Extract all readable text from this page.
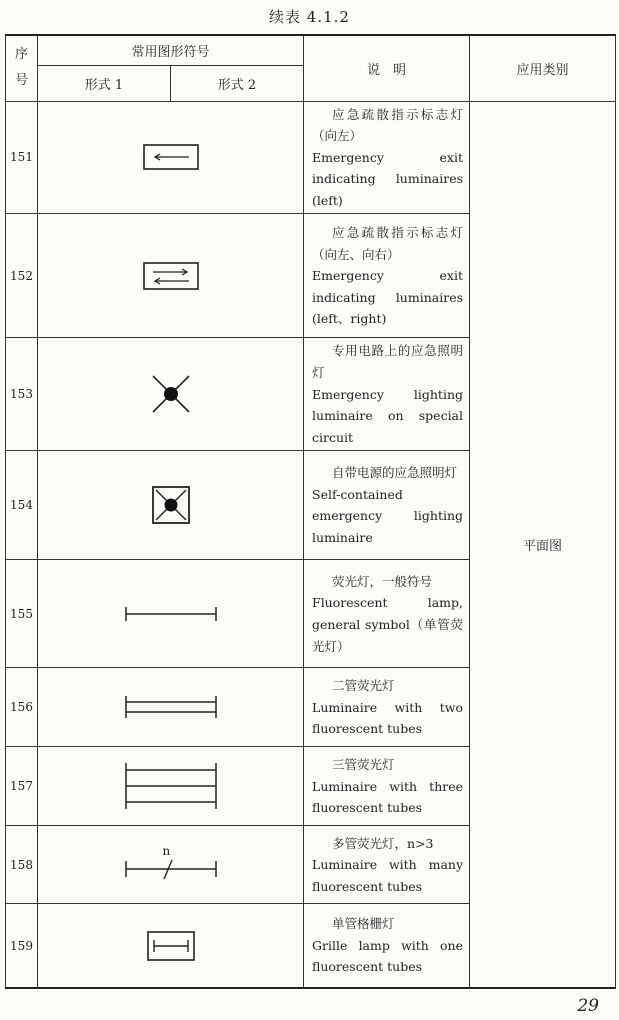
续表 4.1.2
序号	常用图形符号		说　明	应用类别
	形式 1	形式 2		
151			应急疏散指示标志灯（向左）
Emergency exit indicating luminaires (left)	平面图
152			应急疏散指示标志灯（向左、向右）
Emergency exit indicating luminaires (left、right)	
153			专用电路上的应急照明灯
Emergency lighting luminaire on special circuit	
154			自带电源的应急照明灯
Self-contained emergency lighting luminaire	
155			荧光灯，一般符号
Fluorescent lamp, general symbol（单管荧光灯）	
156			二管荧光灯
Luminaire with two fluorescent tubes	
157			三管荧光灯
Luminaire with three fluorescent tubes	
158	n		多管荧光灯，n>3
Luminaire with many fluorescent tubes	
159			单管格栅灯
Grille lamp with one fluorescent tubes	
29
